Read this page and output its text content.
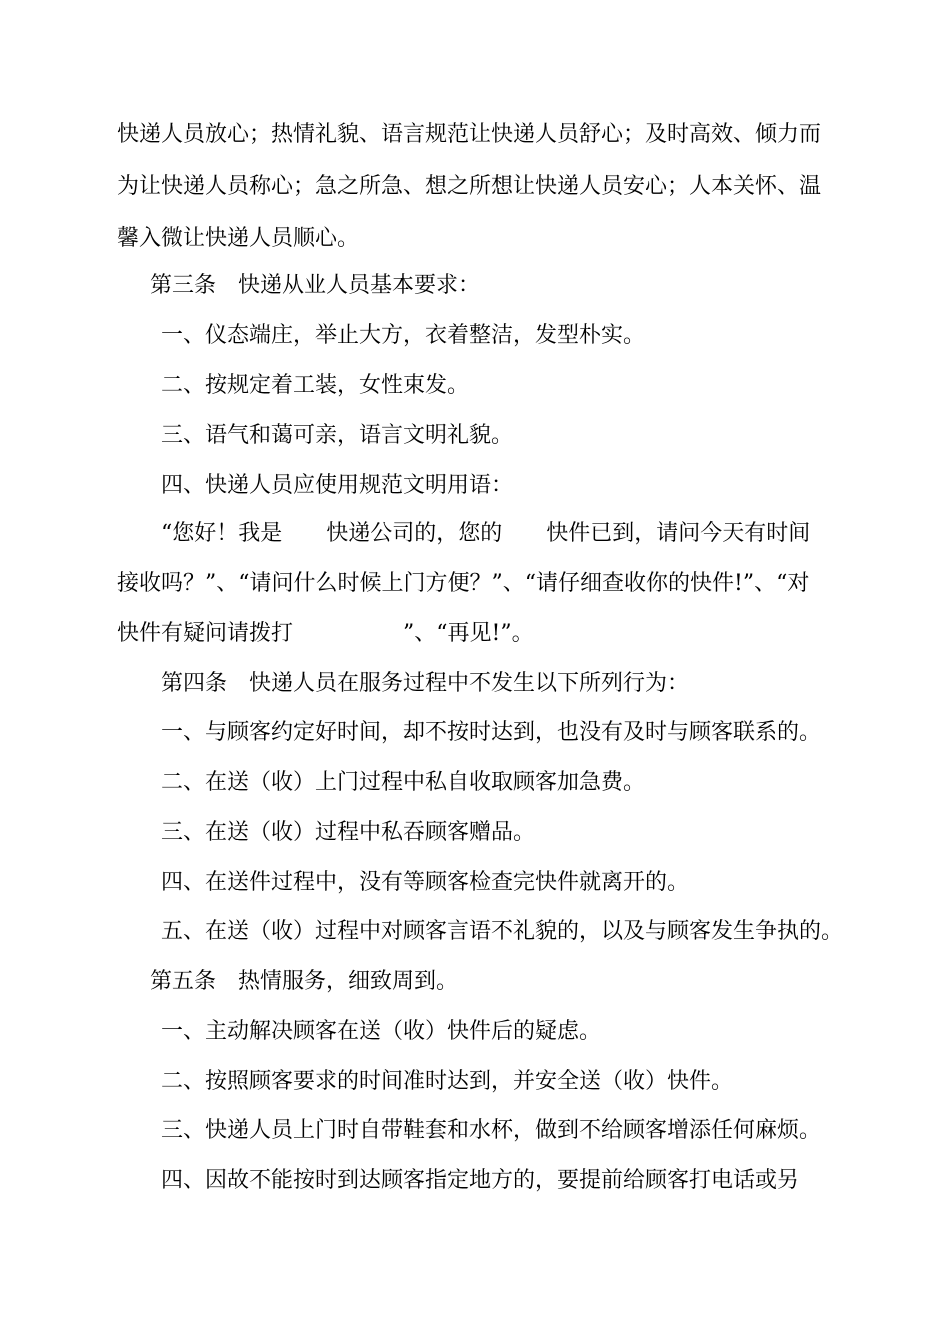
快递人员放心；热情礼貌、语言规范让快递人员舒心；及时高效、倾力而
为让快递人员称心；急之所急、想之所想让快递人员安心；人本关怀、温
馨入微让快递人员顺心。
第三条　快递从业人员基本要求：
一、仪态端庄，举止大方，衣着整洁，发型朴实。
二、按规定着工装，女性束发。
三、语气和蔼可亲，语言文明礼貌。
四、快递人员应使用规范文明用语：
“您好！我是　　快递公司的，您的　　快件已到，请问今天有时间
接收吗？”、“请问什么时候上门方便？”、“请仔细查收你的快件!”、“对
快件有疑问请拨打　　　　　”、“再见!”。
第四条　快递人员在服务过程中不发生以下所列行为：
一、与顾客约定好时间，却不按时达到，也没有及时与顾客联系的。
二、在送（收）上门过程中私自收取顾客加急费。
三、在送（收）过程中私吞顾客赠品。
四、在送件过程中，没有等顾客检查完快件就离开的。
五、在送（收）过程中对顾客言语不礼貌的，以及与顾客发生争执的。
第五条　热情服务，细致周到。
一、主动解决顾客在送（收）快件后的疑虑。
二、按照顾客要求的时间准时达到，并安全送（收）快件。
三、快递人员上门时自带鞋套和水杯，做到不给顾客增添任何麻烦。
四、因故不能按时到达顾客指定地方的，要提前给顾客打电话或另
